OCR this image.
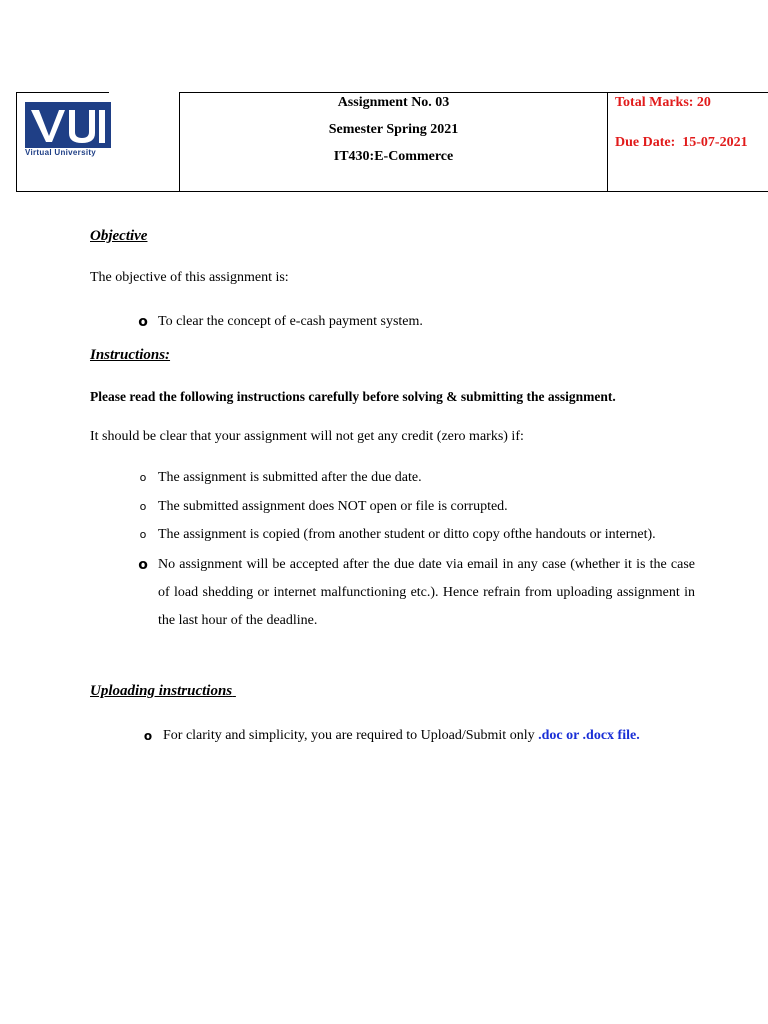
Virtual University
Assignment No. 03
Semester Spring 2021
IT430:E-Commerce
Total Marks: 20
Due Date:  15-07-2021
Objective
The objective of this assignment is:
o To clear the concept of e-cash payment system.
Instructions:
Please read the following instructions carefully before solving & submitting the assignment.
It should be clear that your assignment will not get any credit (zero marks) if:
o The assignment is submitted after the due date.
o The submitted assignment does NOT open or file is corrupted.
o The assignment is copied (from another student or ditto copy ofthe handouts or internet).
o No assignment will be accepted after the due date via email in any case (whether it is the case of load shedding or internet malfunctioning etc.). Hence refrain from uploading assignment in the last hour of the deadline.
Uploading instructions
o For clarity and simplicity, you are required to Upload/Submit only .doc or .docx file.
